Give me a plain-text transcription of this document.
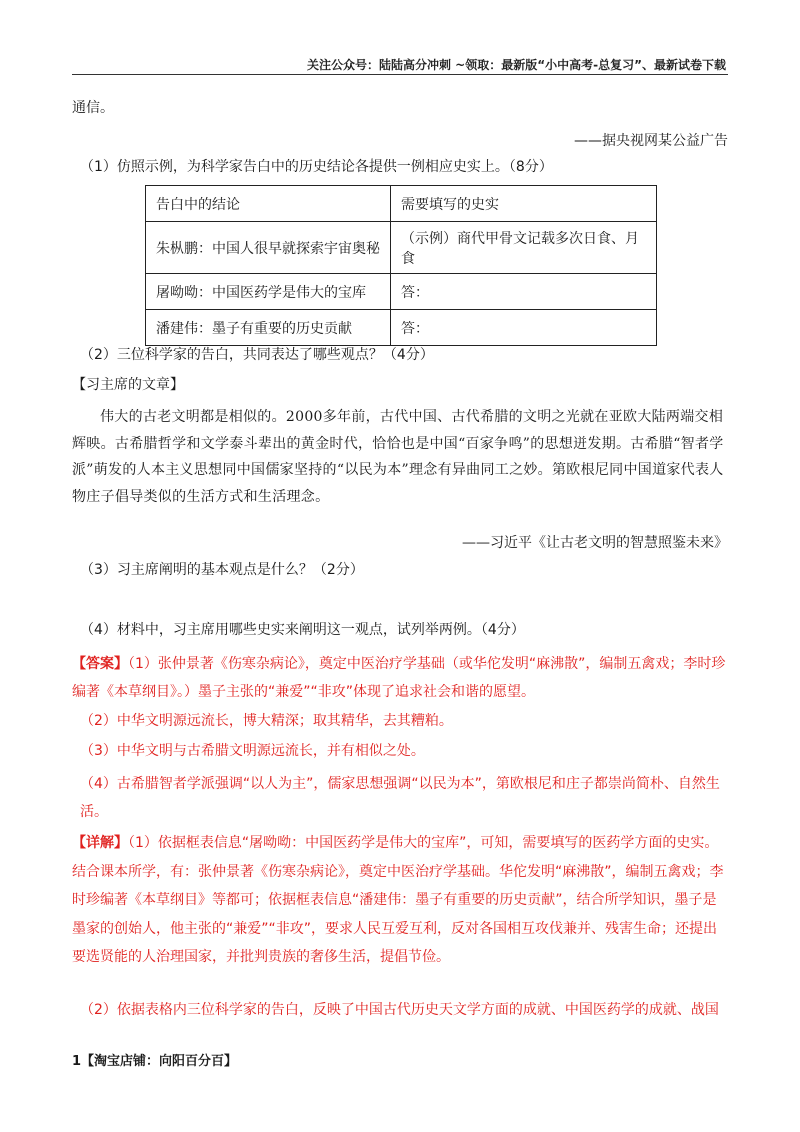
关注公众号：陆陆高分冲刺 ~领取：最新版“小中高考-总复习”、最新试卷下载
通信。
——据央视网某公益广告
（1）仿照示例，为科学家告白中的历史结论各提供一例相应史实上。（8分）
告白中的结论	需要填写的史实
朱枞鹏：中国人很早就探索宇宙奥秘	（示例）商代甲骨文记载多次日食、月食
屠呦呦：中国医药学是伟大的宝库	答：
潘建伟：墨子有重要的历史贡献	答：
（2）三位科学家的告白，共同表达了哪些观点？（4分）
【习主席的文章】
伟大的古老文明都是相似的。2000多年前，古代中国、古代希腊的文明之光就在亚欧大陆两端交相辉映。古希腊哲学和文学泰斗辈出的黄金时代，恰恰也是中国“百家争鸣”的思想迸发期。古希腊“智者学派”萌发的人本主义思想同中国儒家坚持的“以民为本”理念有异曲同工之妙。第欧根尼同中国道家代表人物庄子倡导类似的生活方式和生活理念。
——习近平《让古老文明的智慧照鉴未来》
（3）习主席阐明的基本观点是什么？（2分）
（4）材料中，习主席用哪些史实来阐明这一观点，试列举两例。（4分）
【答案】（1）张仲景著《伤寒杂病论》，奠定中医治疗学基础（或华佗发明“麻沸散”，编制五禽戏；李时珍编著《本草纲目》。）墨子主张的“兼爱”“非攻”体现了追求社会和谐的愿望。
（2）中华文明源远流长，博大精深；取其精华，去其糟粕。
（3）中华文明与古希腊文明源远流长，并有相似之处。
（4）古希腊智者学派强调“以人为主”，儒家思想强调“以民为本”，第欧根尼和庄子都崇尚简朴、自然生活。
【详解】（1）依据框表信息“屠呦呦：中国医药学是伟大的宝库”，可知，需要填写的医药学方面的史实。结合课本所学，有：张仲景著《伤寒杂病论》，奠定中医治疗学基础。华佗发明“麻沸散”，编制五禽戏；李时珍编著《本草纲目》等都可；依据框表信息“潘建伟：墨子有重要的历史贡献”，结合所学知识，墨子是墨家的创始人，他主张的“兼爱”“非攻”，要求人民互爱互利，反对各国相互攻伐兼并、残害生命；还提出要选贤能的人治理国家，并批判贵族的奢侈生活，提倡节俭。
（2）依据表格内三位科学家的告白，反映了中国古代历史天文学方面的成就、中国医药学的成就、战国
1【淘宝店铺：向阳百分百】
